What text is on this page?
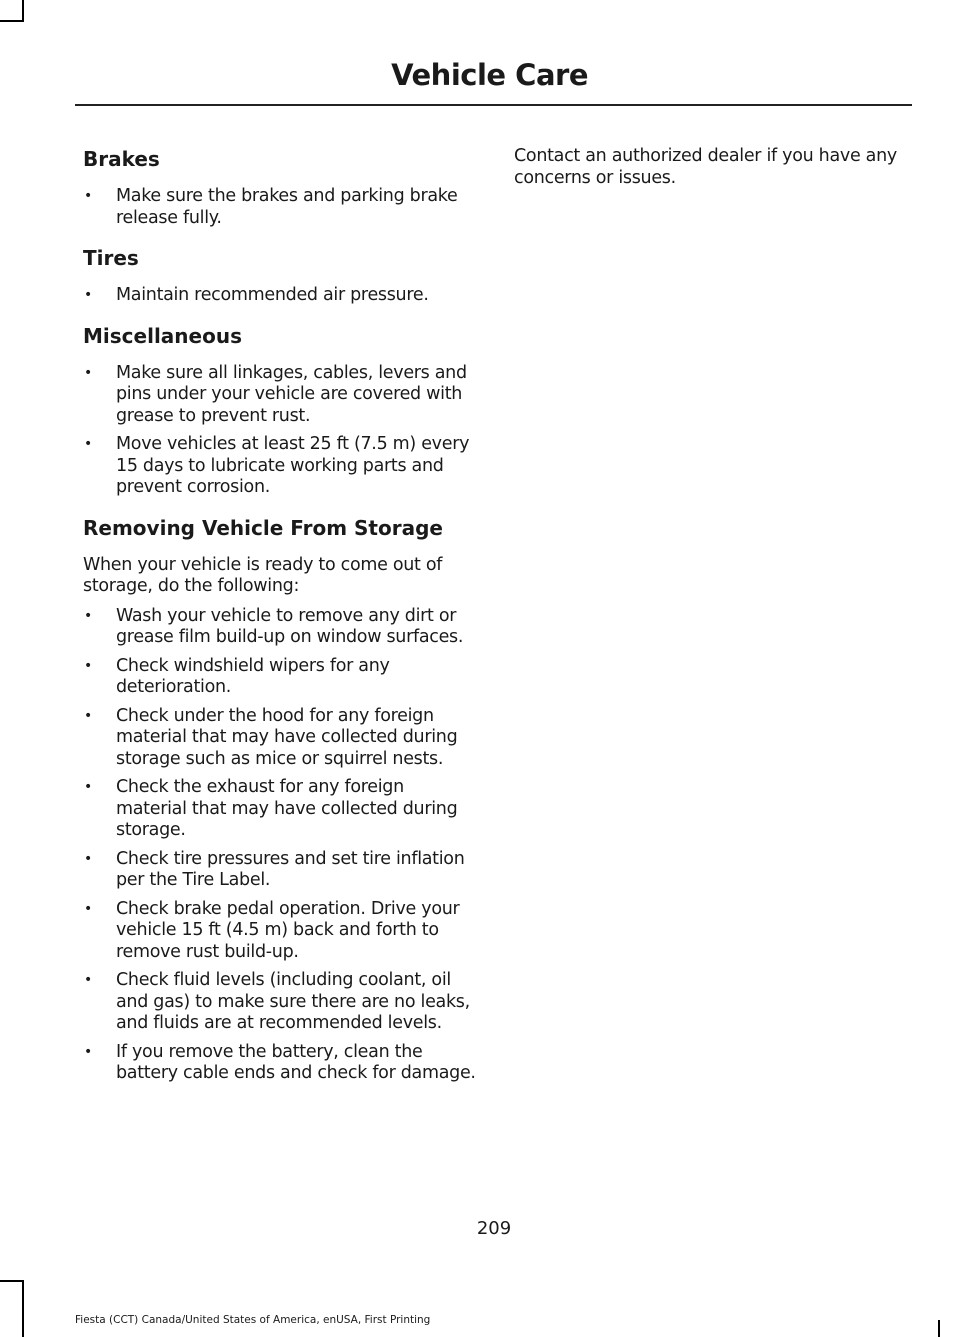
Vehicle Care
Brakes
• Make sure the brakes and parking brake release fully.
Tires
• Maintain recommended air pressure.
Miscellaneous
• Make sure all linkages, cables, levers and pins under your vehicle are covered with grease to prevent rust.
• Move vehicles at least 25 ft (7.5 m) every 15 days to lubricate working parts and prevent corrosion.
Removing Vehicle From Storage

When your vehicle is ready to come out of storage, do the following:

• Wash your vehicle to remove any dirt or grease film build-up on window surfaces.
• Check windshield wipers for any deterioration.
• Check under the hood for any foreign material that may have collected during storage such as mice or squirrel nests.
• Check the exhaust for any foreign material that may have collected during storage.
• Check tire pressures and set tire inflation per the Tire Label.
• Check brake pedal operation. Drive your vehicle 15 ft (4.5 m) back and forth to remove rust build-up.
• Check fluid levels (including coolant, oil and gas) to make sure there are no leaks, and fluids are at recommended levels.
• If you remove the battery, clean the battery cable ends and check for damage.

Contact an authorized dealer if you have any concerns or issues.

209

Fiesta (CCT) Canada/United States of America, enUSA, First Printing
